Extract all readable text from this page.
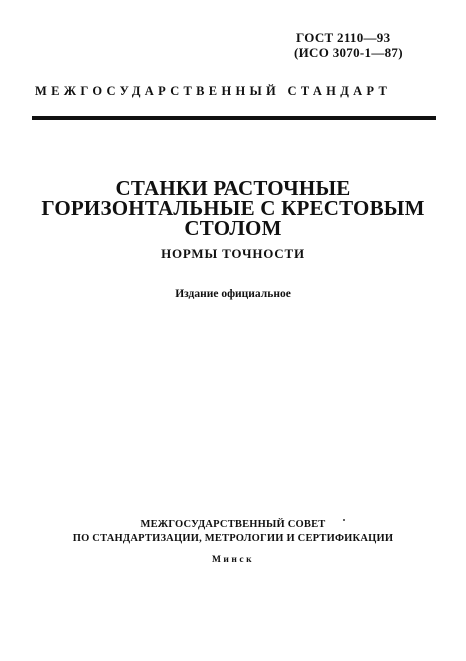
ГОСТ 2110—93
(ИСО 3070-1—87)
МЕЖГОСУДАРСТВЕННЫЙ СТАНДАРТ
СТАНКИ РАСТОЧНЫЕ
ГОРИЗОНТАЛЬНЫЕ С КРЕСТОВЫМ
СТОЛОМ
НОРМЫ ТОЧНОСТИ
Издание официальное
МЕЖГОСУДАРСТВЕННЫЙ СОВЕТ
ПО СТАНДАРТИЗАЦИИ, МЕТРОЛОГИИ И СЕРТИФИКАЦИИ
Минск
